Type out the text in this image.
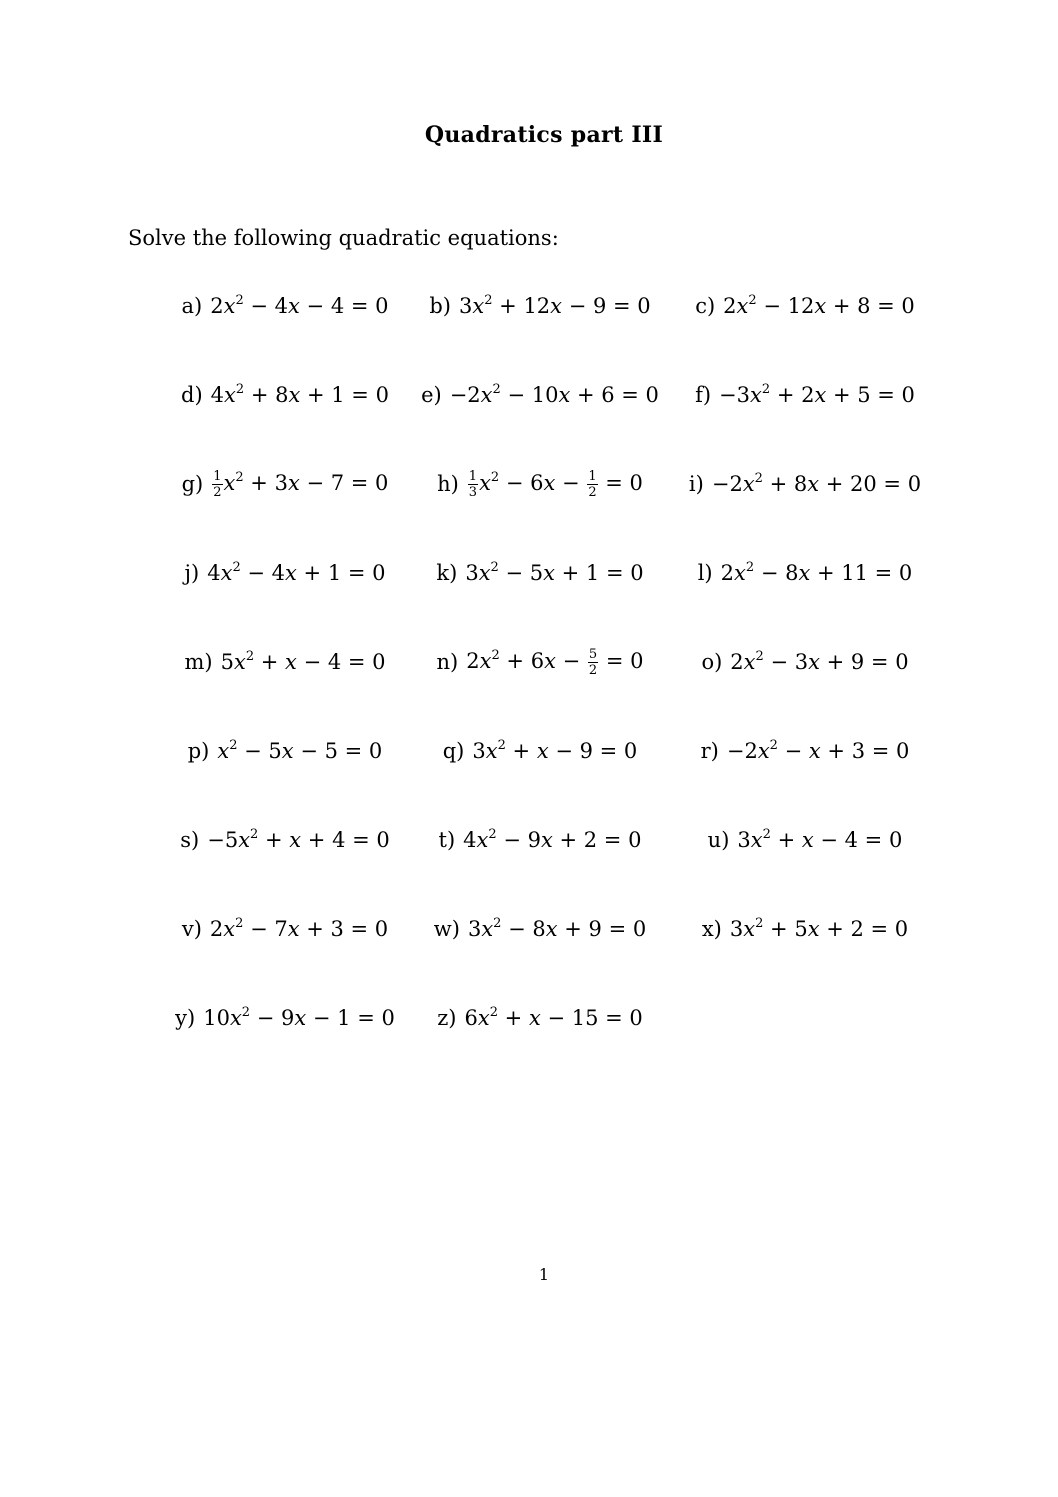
Quadratics part III
Solve the following quadratic equations:
a) $2x^2 - 4x - 4 = 0$ b) $3x^2 + 12x - 9 = 0$ c) $2x^2 - 12x + 8 = 0$
d) $4x^2 + 8x + 1 = 0$ $e) -2x^2 - 10x + 6 = 0$ $f) -3x^2 + 2x + 5 = 0$
$g) \frac{1}{2} x^2 + 3x - 7 = 0$ $h) \frac{1}{3} x^2 - 6x - \frac{1}{2} = 0$ $i) -2x^2 + 8x + 20 = 0$
j) $4x^2 - 4x + 1 = 0$ k) $3x^2 - 5x + 1 = 0$	l) $2x^2 - 8x + 11 = 0$
m) $5x^2 + x - 4 = 0$ n) $2x^2 + 6x - \frac{5}{2} = 0$	o) $2x^2 - 3x + 9 = 0$
p) $x^2 - 5x - 5 = 0$	q) $3x^2 + x - 9 = 0$	$r) -2x^2 - x + 3 = 0$
$s) -5x^2 + x + 4 = 0$ t) $4x^2 - 9x + 2 = 0$	u) $3x^2 + x - 4 = 0$
v) $2x^2 - 7x + 3 = 0$ w) $3x^2 - 8x + 9 = 0$	x) $3x^2 + 5x + 2 = 0$
y) $10x^2 - 9x - 1 = 0$ z) $6x^2 + x - 15 = 0$
1
